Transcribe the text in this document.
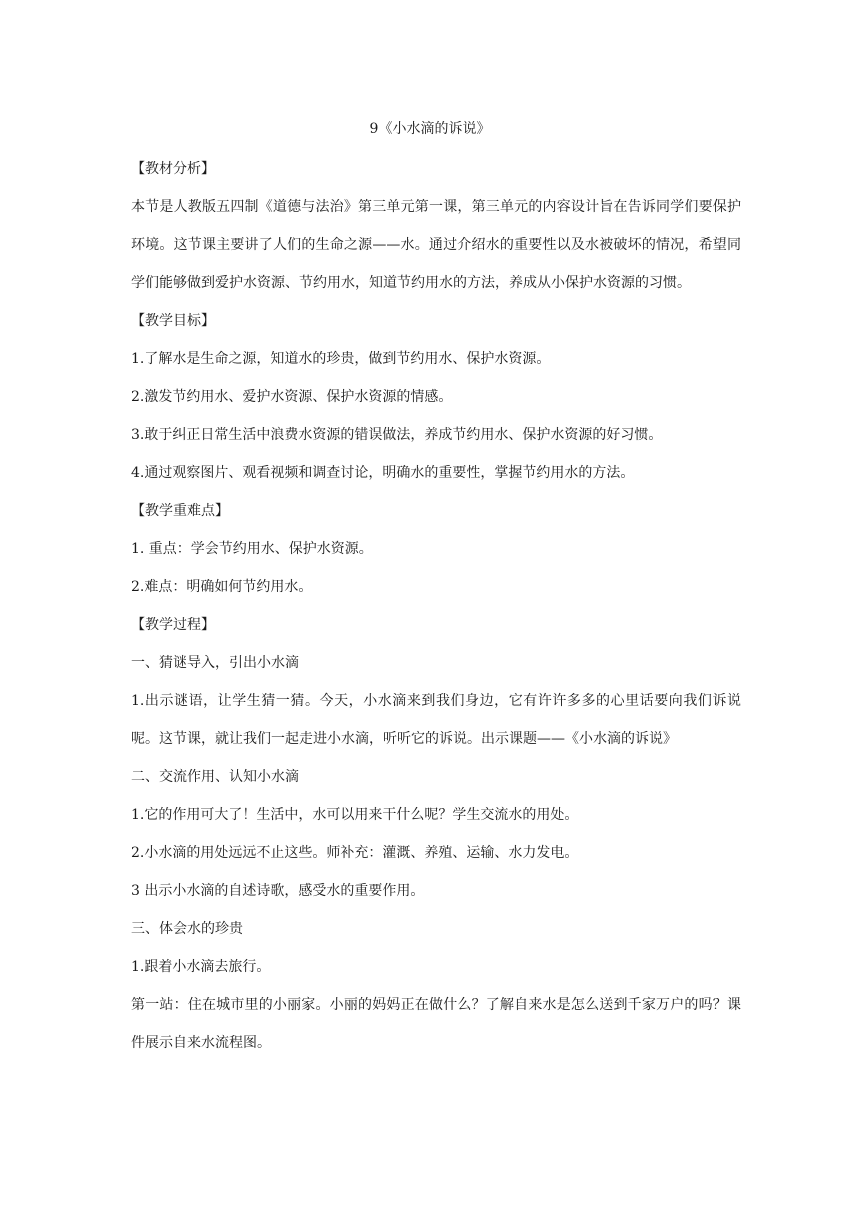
9《小水滴的诉说》

【教材分析】

本节是人教版五四制《道德与法治》第三单元第一课，第三单元的内容设计旨在告诉同学们要保护环境。这节课主要讲了人们的生命之源——水。通过介绍水的重要性以及水被破坏的情况，希望同学们能够做到爱护水资源、节约用水，知道节约用水的方法，养成从小保护水资源的习惯。

【教学目标】

1.了解水是生命之源，知道水的珍贵，做到节约用水、保护水资源。

2.激发节约用水、爱护水资源、保护水资源的情感。

3.敢于纠正日常生活中浪费水资源的错误做法，养成节约用水、保护水资源的好习惯。

4.通过观察图片、观看视频和调查讨论，明确水的重要性，掌握节约用水的方法。

【教学重难点】

1. 重点：学会节约用水、保护水资源。

2.难点：明确如何节约用水。

【教学过程】

一、猜谜导入，引出小水滴

1.出示谜语，让学生猜一猜。今天，小水滴来到我们身边，它有许许多多的心里话要向我们诉说呢。这节课，就让我们一起走进小水滴，听听它的诉说。出示课题——《小水滴的诉说》

二、交流作用、认知小水滴

1.它的作用可大了！生活中，水可以用来干什么呢？学生交流水的用处。

2.小水滴的用处远远不止这些。师补充：灌溉、养殖、运输、水力发电。

3 出示小水滴的自述诗歌，感受水的重要作用。

三、体会水的珍贵

1.跟着小水滴去旅行。

第一站：住在城市里的小丽家。小丽的妈妈正在做什么？了解自来水是怎么送到千家万户的吗？课件展示自来水流程图。
